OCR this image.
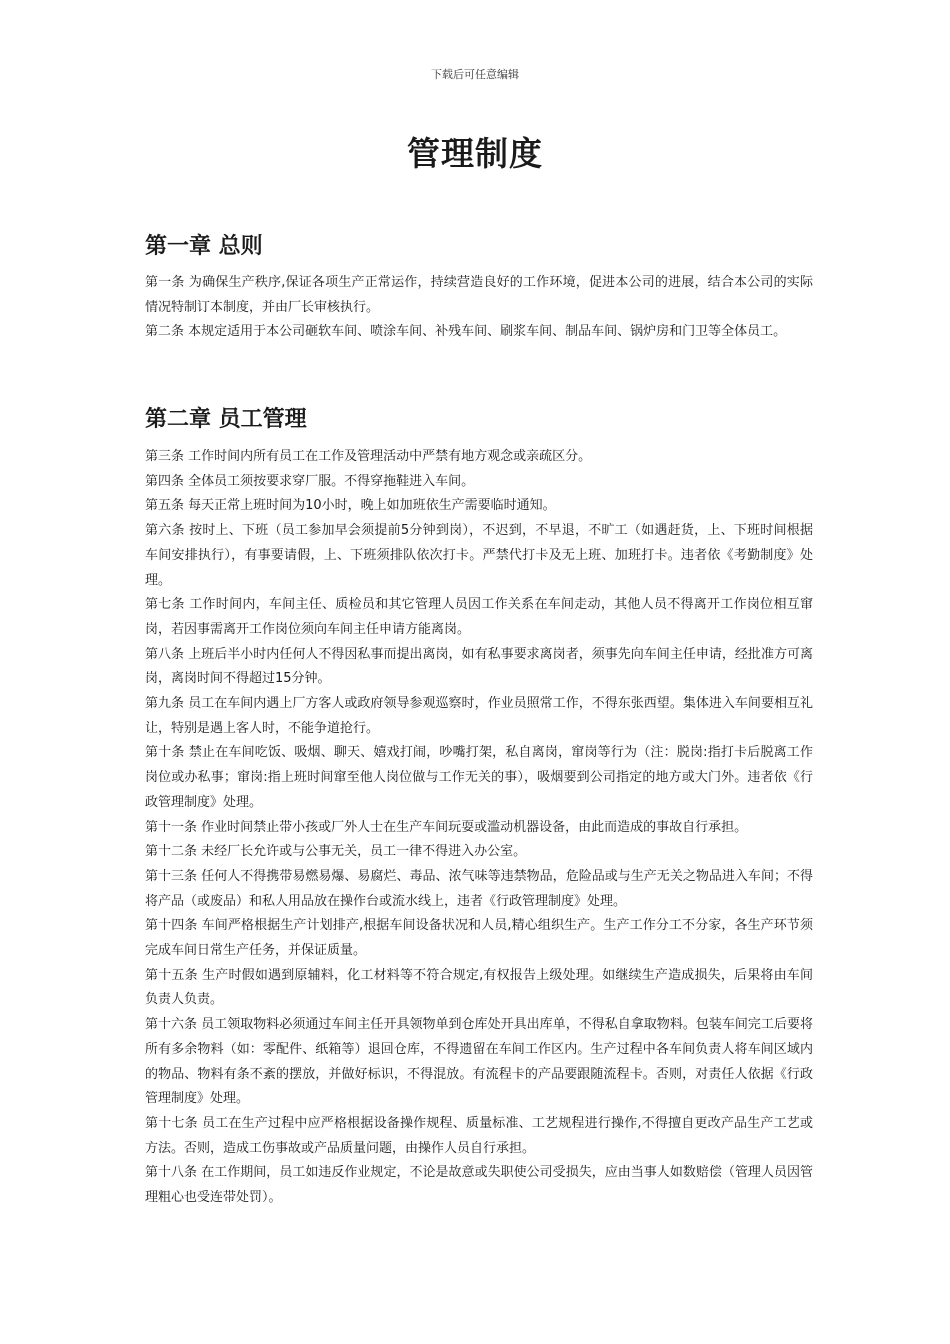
下载后可任意编辑
管理制度
第一章 总则

第一条 为确保生产秩序,保证各项生产正常运作，持续营造良好的工作环境，促进本公司的进展，结合本公司的实际情况特制订本制度，并由厂长审核执行。

第二条 本规定适用于本公司砸软车间、喷涂车间、补残车间、刷浆车间、制品车间、锅炉房和门卫等全体员工。

第二章 员工管理

第三条 工作时间内所有员工在工作及管理活动中严禁有地方观念或亲疏区分。

第四条 全体员工须按要求穿厂服。不得穿拖鞋进入车间。

第五条 每天正常上班时间为10小时，晚上如加班依生产需要临时通知。

第六条 按时上、下班（员工参加早会须提前5分钟到岗），不迟到，不早退，不旷工（如遇赶货，上、下班时间根据车间安排执行），有事要请假，上、下班须排队依次打卡。严禁代打卡及无上班、加班打卡。违者依《考勤制度》处理。

第七条 工作时间内，车间主任、质检员和其它管理人员因工作关系在车间走动，其他人员不得离开工作岗位相互窜岗，若因事需离开工作岗位须向车间主任申请方能离岗。

第八条 上班后半小时内任何人不得因私事而提出离岗，如有私事要求离岗者，须事先向车间主任申请，经批准方可离岗，离岗时间不得超过15分钟。

第九条 员工在车间内遇上厂方客人或政府领导参观巡察时，作业员照常工作，不得东张西望。集体进入车间要相互礼让，特别是遇上客人时，不能争道抢行。

第十条 禁止在车间吃饭、吸烟、聊天、嬉戏打闹，吵嘴打架，私自离岗，窜岗等行为（注：脱岗:指打卡后脱离工作岗位或办私事；窜岗:指上班时间窜至他人岗位做与工作无关的事），吸烟要到公司指定的地方或大门外。违者依《行政管理制度》处理。

第十一条 作业时间禁止带小孩或厂外人士在生产车间玩耍或滥动机器设备，由此而造成的事故自行承担。

第十二条 未经厂长允许或与公事无关，员工一律不得进入办公室。

第十三条 任何人不得携带易燃易爆、易腐烂、毒品、浓气味等违禁物品，危险品或与生产无关之物品进入车间；不得将产品（或废品）和私人用品放在操作台或流水线上，违者《行政管理制度》处理。

第十四条 车间严格根据生产计划排产,根据车间设备状况和人员,精心组织生产。生产工作分工不分家，各生产环节须完成车间日常生产任务，并保证质量。

第十五条 生产时假如遇到原辅料，化工材料等不符合规定,有权报告上级处理。如继续生产造成损失，后果将由车间负责人负责。

第十六条 员工领取物料必须通过车间主任开具领物单到仓库处开具出库单，不得私自拿取物料。包装车间完工后要将所有多余物料（如：零配件、纸箱等）退回仓库，不得遗留在车间工作区内。生产过程中各车间负责人将车间区域内的物品、物料有条不紊的摆放，并做好标识，不得混放。有流程卡的产品要跟随流程卡。否则，对责任人依据《行政管理制度》处理。

第十七条 员工在生产过程中应严格根据设备操作规程、质量标准、工艺规程进行操作,不得擅自更改产品生产工艺或方法。否则，造成工伤事故或产品质量问题，由操作人员自行承担。

第十八条 在工作期间，员工如违反作业规定，不论是故意或失职使公司受损失，应由当事人如数赔偿（管理人员因管理粗心也受连带处罚）。
